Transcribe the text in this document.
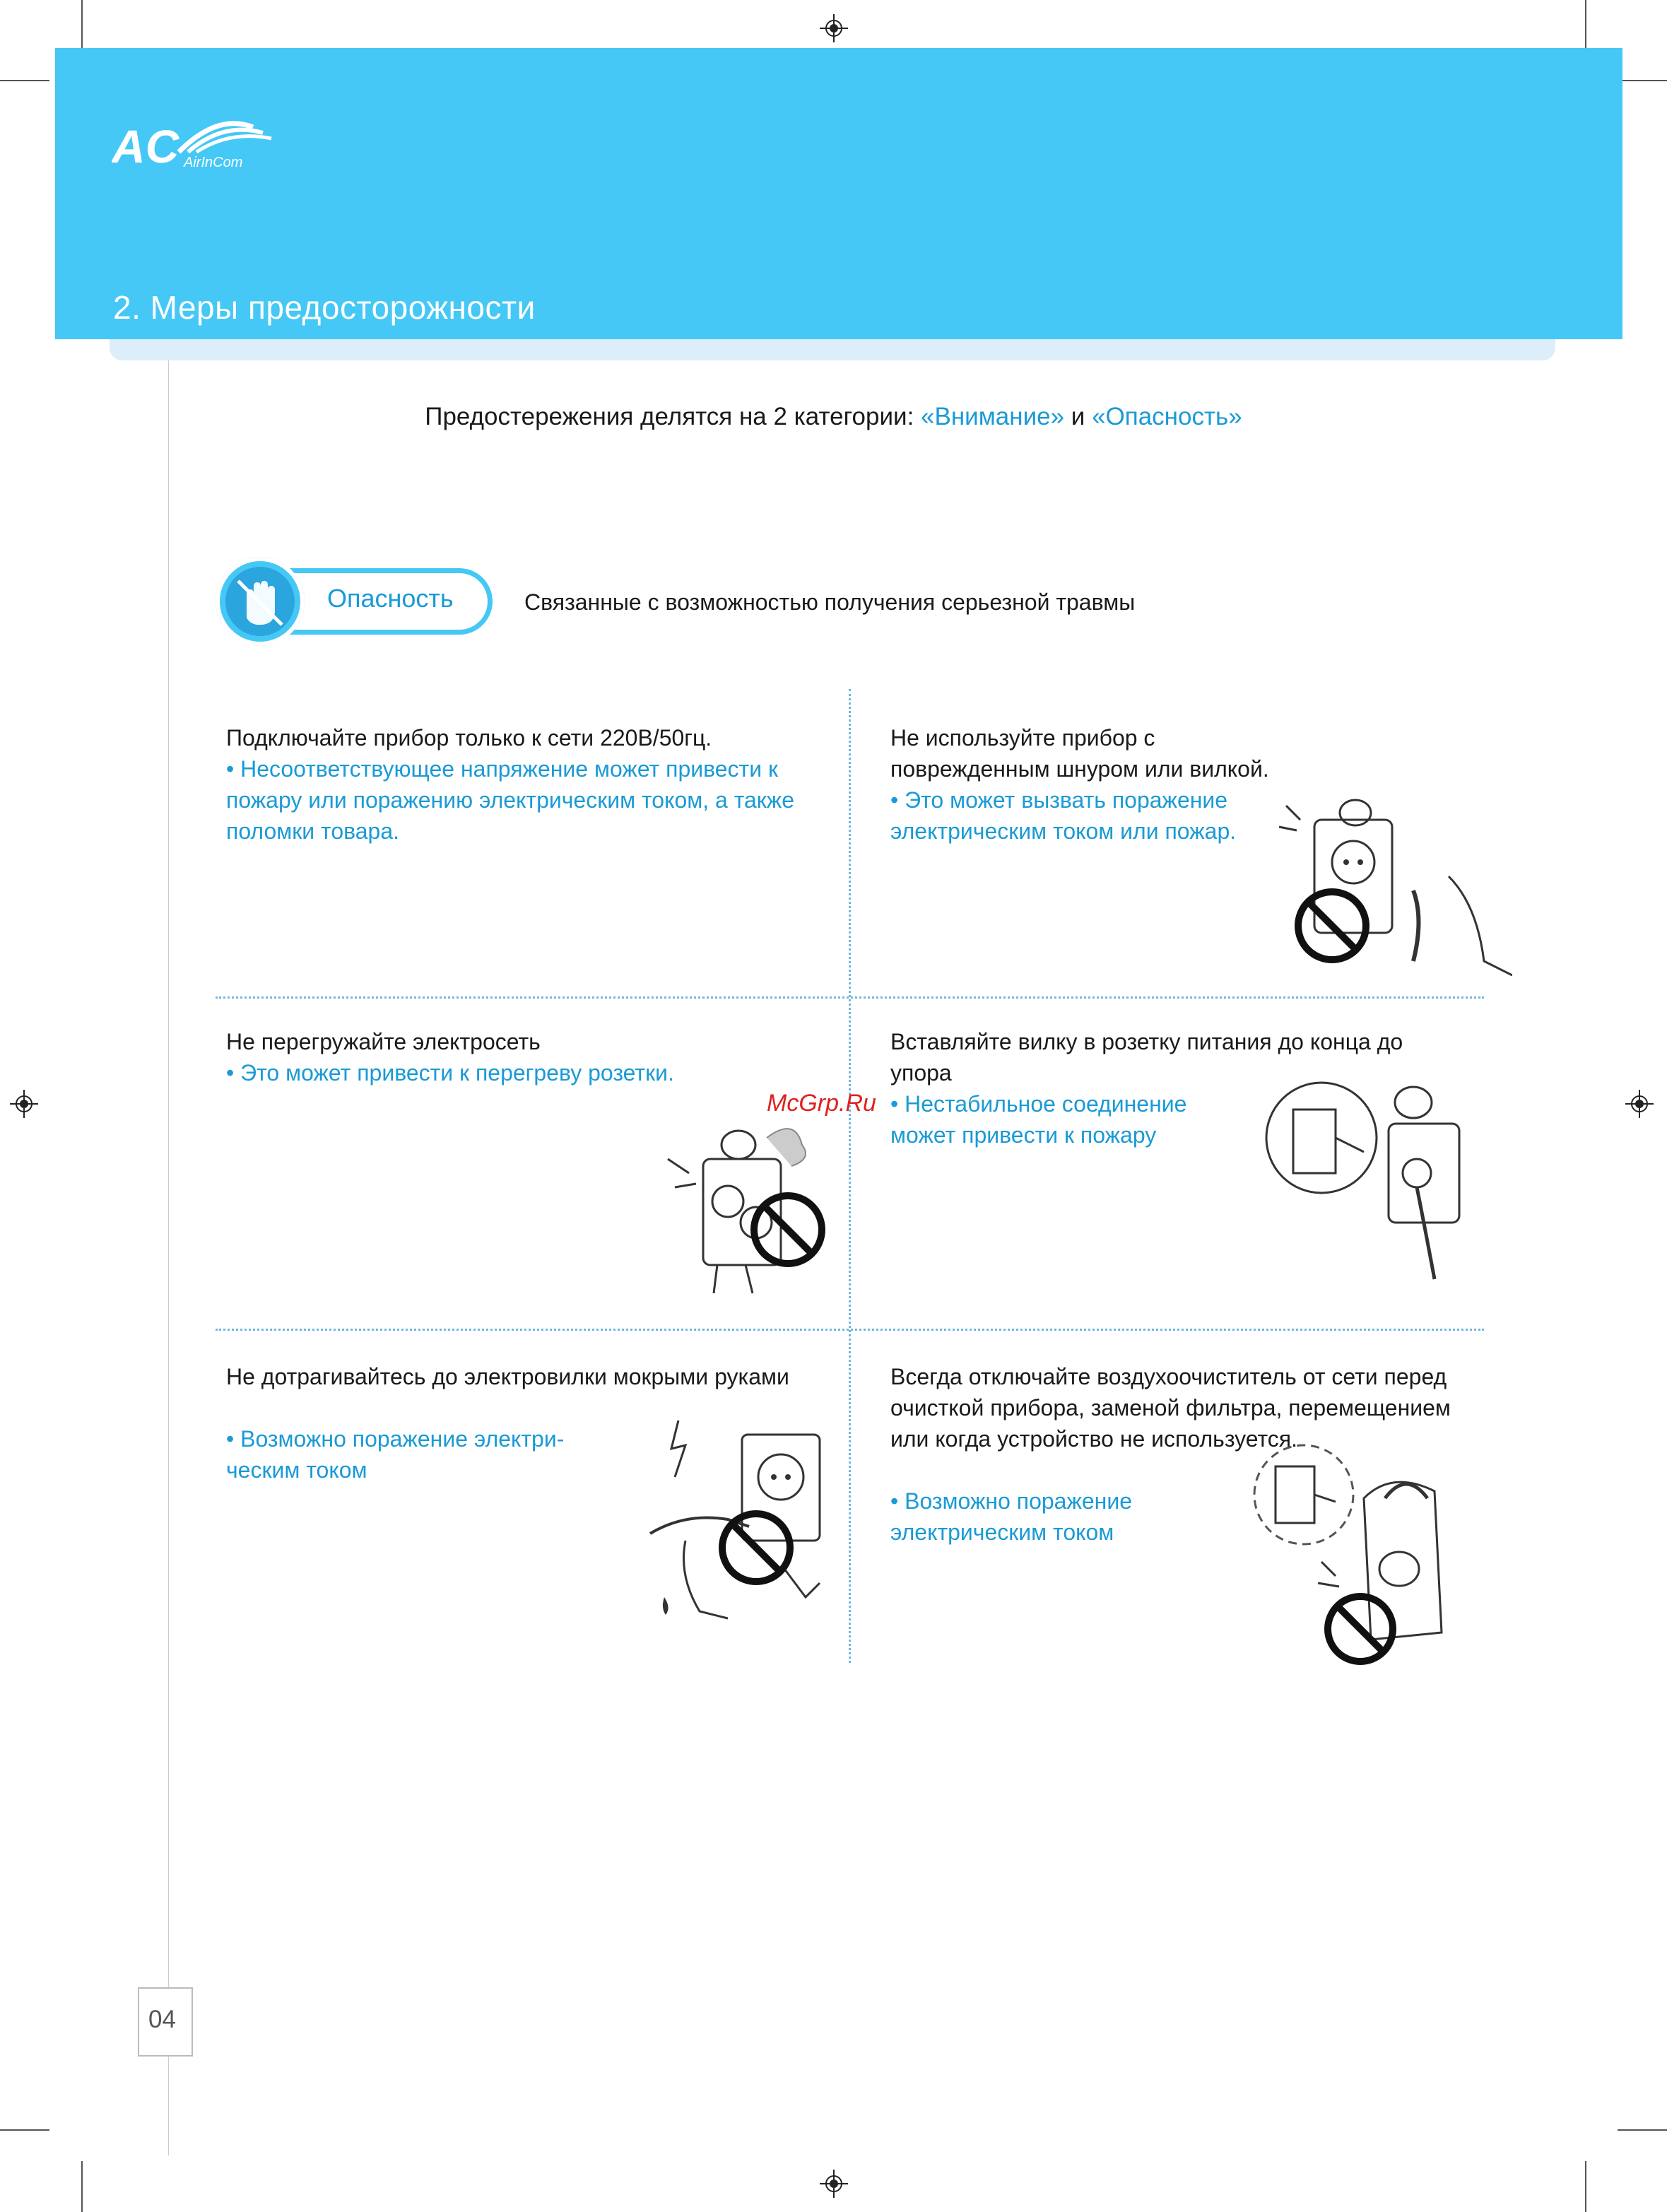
AC AirInCom
2. Меры предосторожности
Предостережения делятся на 2 категории: «Внимание» и «Опасность»
Опасность	Связанные с возможностью получения серьезной травмы
Подключайте прибор только к сети 220В/50гц.
• Несоответствующее напряжение может привести к пожару или поражению электрическим током, а также поломки товара.
Не используйте прибор с поврежденным шнуром или вилкой.
• Это может вызвать поражение электрическим током или пожар.
Не перегружайте электросеть
• Это может привести к перегреву розетки.
Вставляйте вилку в розетку питания до конца до упора
• Нестабильное соединение может привести к пожару
Не дотрагивайтесь до электровилки мокрыми руками
• Возможно поражение электри-ческим током
Всегда отключайте воздухоочиститель от сети перед очисткой прибора, заменой фильтра, перемещением или когда устройство не используется.
• Возможно поражение электрическим током
McGrp.Ru
04
